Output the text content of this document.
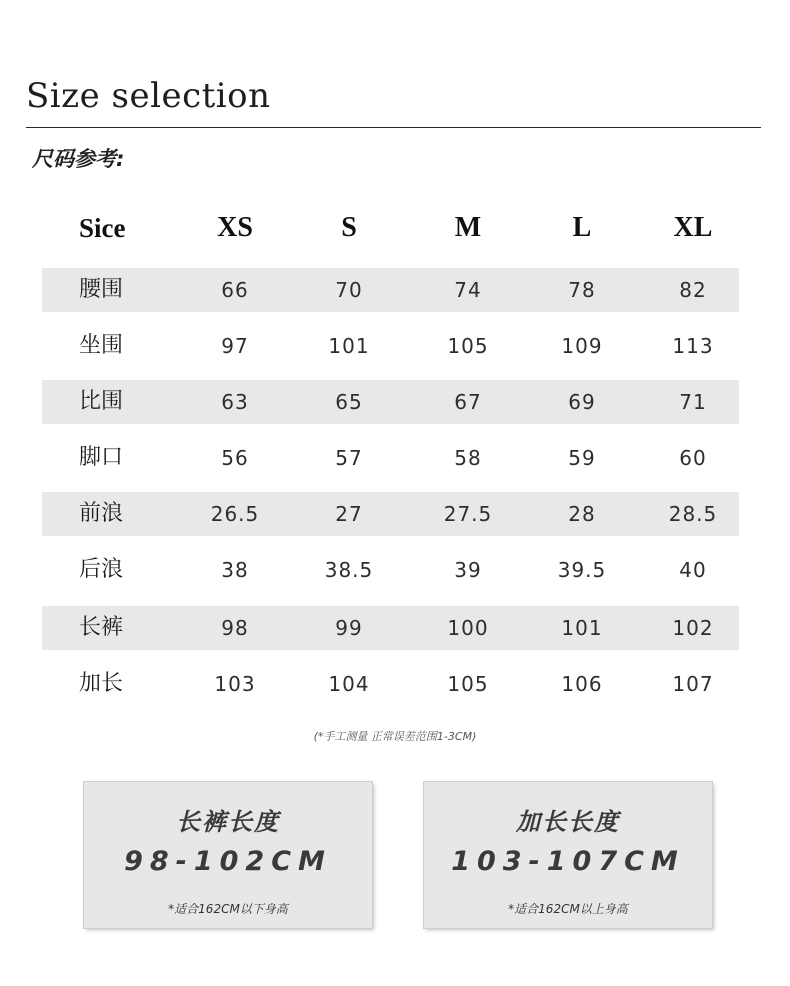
Size selection
尺码参考:
Sice	XS	S	M	L	XL
腰围	66	70	74	78	82
坐围	97	101	105	109	113
比围	63	65	67	69	71
脚口	56	57	58	59	60
前浪	26.5	27	27.5	28	28.5
后浪	38	38.5	39	39.5	40
长裤	98	99	100	101	102
加长	103	104	105	106	107
(*手工测量 正常误差范围1-3CM)
长裤长度
98-102CM
*适合162CM以下身高
加长长度
103-107CM
*适合162CM以上身高
